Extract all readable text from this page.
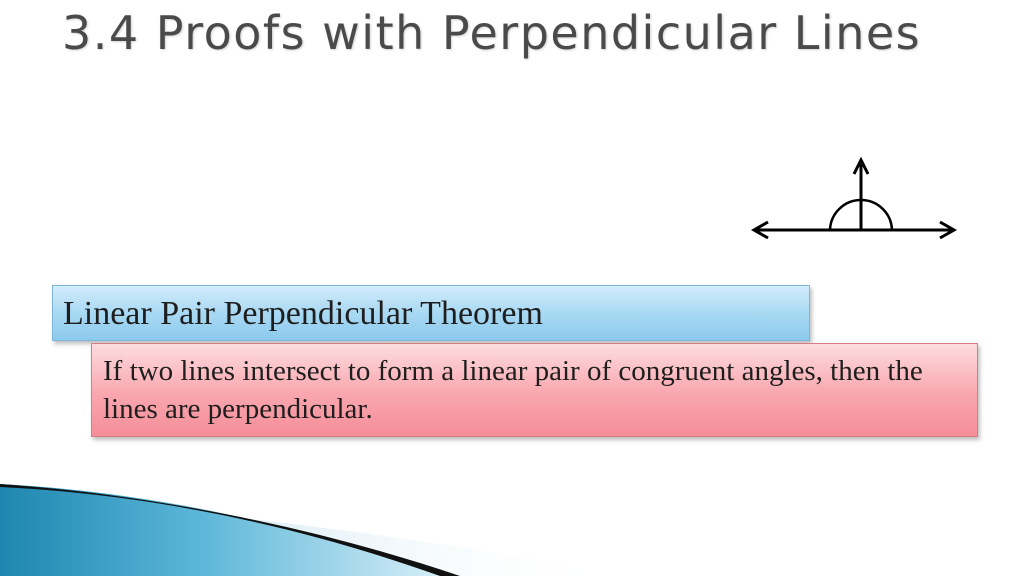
3.4 Proofs with Perpendicular Lines

Linear Pair Perpendicular Theorem

If two lines intersect to form a linear pair of congruent angles, then the lines are perpendicular.
